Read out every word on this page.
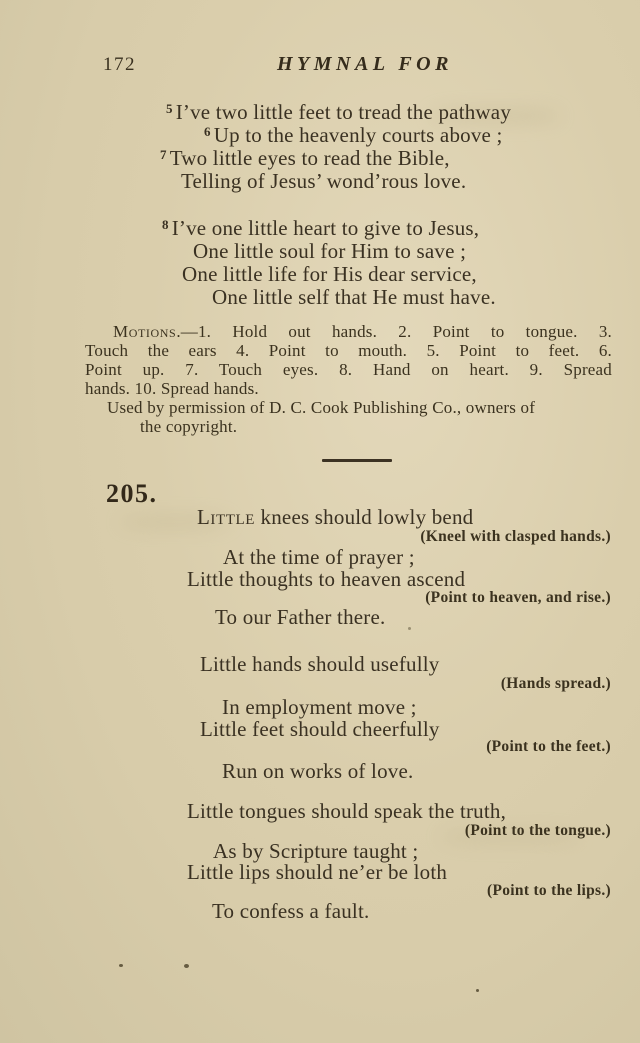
172	HYMNAL FOR
$^5$ I’ve two little feet to tread the pathway
$^6$ Up to the heavenly courts above ;
$^7$ Two little eyes to read the Bible,
Telling of Jesus’ wond’rous love.
$^8$ I’ve one little heart to give to Jesus,
One little soul for Him to save ;
One little life for His dear service,
One little self that He must have.
Motions.—1. Hold out hands. 2. Point to tongue. 3.
Touch the ears 4. Point to mouth. 5. Point to feet. 6.
Point up. 7. Touch eyes. 8. Hand on heart. 9. Spread
hands. 10. Spread hands.
Used by permission of D. C. Cook Publishing Co., owners of
the copyright.
205.
Little knees should lowly bend
(Kneel with clasped hands.)
At the time of prayer ;
Little thoughts to heaven ascend
(Point to heaven, and rise.)
To our Father there.
Little hands should usefully
(Hands spread.)
In employment move ;
Little feet should cheerfully
(Point to the feet.)
Run on works of love.
Little tongues should speak the truth,
(Point to the tongue.)
As by Scripture taught ;
Little lips should ne’er be loth
(Point to the lips.)
To confess a fault.
